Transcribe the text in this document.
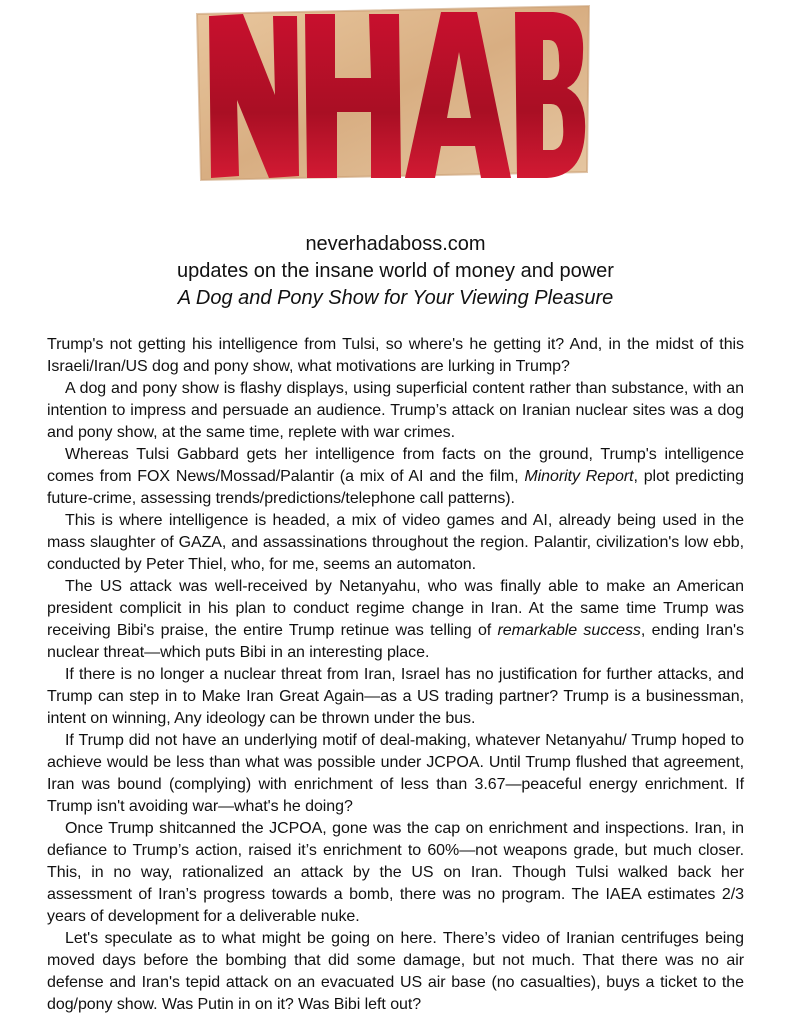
neverhadaboss.com
updates on the insane world of money and power
A Dog and Pony Show for Your Viewing Pleasure

Trump's not getting his intelligence from Tulsi, so where's he getting it? And, in the midst of this Israeli/Iran/US dog and pony show, what motivations are lurking in Trump?

A dog and pony show is flashy displays, using superficial content rather than substance, with an intention to impress and persuade an audience. Trump’s attack on Iranian nuclear sites was a dog and pony show, at the same time, replete with war crimes.

Whereas Tulsi Gabbard gets her intelligence from facts on the ground, Trump's intelligence comes from FOX News/Mossad/Palantir (a mix of AI and the film, Minority Report, plot predicting future-crime, assessing trends/predictions/telephone call patterns).

This is where intelligence is headed, a mix of video games and AI, already being used in the mass slaughter of GAZA, and assassinations throughout the region. Palantir, civilization's low ebb, conducted by Peter Thiel, who, for me, seems an automaton.

The US attack was well-received by Netanyahu, who was finally able to make an American president complicit in his plan to conduct regime change in Iran. At the same time Trump was receiving Bibi's praise, the entire Trump retinue was telling of remarkable success, ending Iran's nuclear threat—which puts Bibi in an interesting place.

If there is no longer a nuclear threat from Iran, Israel has no justification for further attacks, and Trump can step in to Make Iran Great Again—as a US trading partner? Trump is a businessman, intent on winning, Any ideology can be thrown under the bus.

If Trump did not have an underlying motif of deal-making, whatever Netanyahu/ Trump hoped to achieve would be less than what was possible under JCPOA. Until Trump flushed that agreement, Iran was bound (complying) with enrichment of less than 3.67—peaceful energy enrichment. If Trump isn't avoiding war—what's he doing?

Once Trump shitcanned the JCPOA, gone was the cap on enrichment and inspections. Iran, in defiance to Trump’s action, raised it’s enrichment to 60%—not weapons grade, but much closer. This, in no way, rationalized an attack by the US on Iran. Though Tulsi walked back her assessment of Iran’s progress towards a bomb, there was no program. The IAEA estimates 2/3 years of development for a deliverable nuke.

Let's speculate as to what might be going on here. There’s video of Iranian centrifuges being moved days before the bombing that did some damage, but not much. That there was no air defense and Iran's tepid attack on an evacuated US air base (no casualties), buys a ticket to the dog/pony show. Was Putin in on it? Was Bibi left out?
